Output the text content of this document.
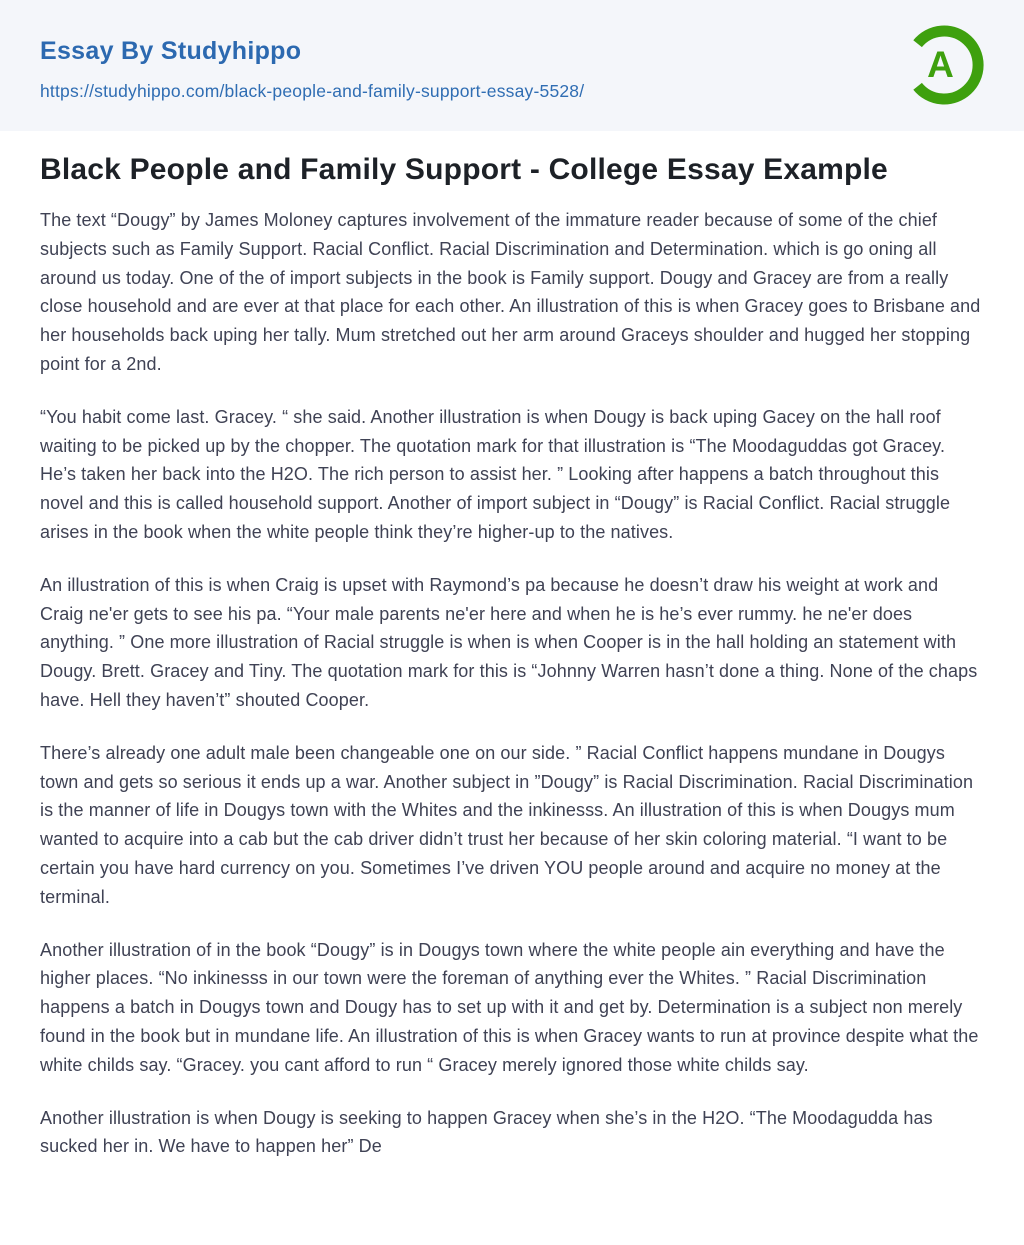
Essay By Studyhippo
https://studyhippo.com/black-people-and-family-support-essay-5528/
A
Black People and Family Support - College Essay Example

The text “Dougy” by James Moloney captures involvement of the immature reader because of some of the chief subjects such as Family Support. Racial Conflict. Racial Discrimination and Determination. which is go oning all around us today. One of the of import subjects in the book is Family support. Dougy and Gracey are from a really close household and are ever at that place for each other. An illustration of this is when Gracey goes to Brisbane and her households back uping her tally. Mum stretched out her arm around Graceys shoulder and hugged her stopping point for a 2nd.

“You habit come last. Gracey. “ she said. Another illustration is when Dougy is back uping Gacey on the hall roof waiting to be picked up by the chopper. The quotation mark for that illustration is “The Moodaguddas got Gracey. He’s taken her back into the H2O. The rich person to assist her. ” Looking after happens a batch throughout this novel and this is called household support. Another of import subject in “Dougy” is Racial Conflict. Racial struggle arises in the book when the white people think they’re higher-up to the natives.

An illustration of this is when Craig is upset with Raymond’s pa because he doesn’t draw his weight at work and Craig ne'er gets to see his pa. “Your male parents ne'er here and when he is he’s ever rummy. he ne'er does anything. ” One more illustration of Racial struggle is when is when Cooper is in the hall holding an statement with Dougy. Brett. Gracey and Tiny. The quotation mark for this is “Johnny Warren hasn’t done a thing. None of the chaps have. Hell they haven’t” shouted Cooper.

There’s already one adult male been changeable one on our side. ” Racial Conflict happens mundane in Dougys town and gets so serious it ends up a war. Another subject in ”Dougy” is Racial Discrimination. Racial Discrimination is the manner of life in Dougys town with the Whites and the inkinesss. An illustration of this is when Dougys mum wanted to acquire into a cab but the cab driver didn’t trust her because of her skin coloring material. “I want to be certain you have hard currency on you. Sometimes I’ve driven YOU people around and acquire no money at the terminal.

Another illustration of in the book “Dougy” is in Dougys town where the white people ain everything and have the higher places. “No inkinesss in our town were the foreman of anything ever the Whites. ” Racial Discrimination happens a batch in Dougys town and Dougy has to set up with it and get by. Determination is a subject non merely found in the book but in mundane life. An illustration of this is when Gracey wants to run at province despite what the white childs say. “Gracey. you cant afford to run “ Gracey merely ignored those white childs say.

Another illustration is when Dougy is seeking to happen Gracey when she’s in the H2O. “The Moodagudda has sucked her in. We have to happen her” De
